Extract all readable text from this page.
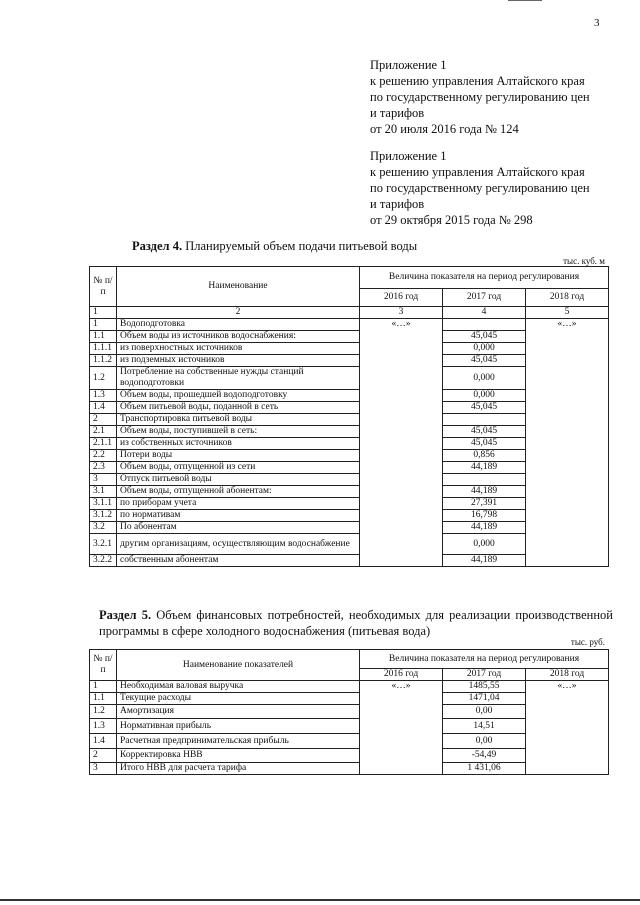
3
Приложение 1
к решению управления Алтайского края
по государственному регулированию цен
и тарифов
от 20 июля 2016 года № 124
Приложение 1
к решению управления Алтайского края
по государственному регулированию цен
и тарифов
от 29 октября 2015 года № 298
Раздел 4. Планируемый объем подачи питьевой воды
тыс. куб. м
№ п/п	Наименование	Величина показателя на период регулирования		
		2016 год	2017 год	2018 год
1	2	3	4	5
1	Водоподготовка	«…»		«…»
1.1	Объем воды из источников водоснабжения:		45,045	
1.1.1	из поверхностных источников		0,000	
1.1.2	из подземных источников		45,045	
1.2	Потребление на собственные нужды станций водоподготовки		0,000	
1.3	Объем воды, прошедшей водоподготовку		0,000	
1.4	Объем питьевой воды, поданной в сеть		45,045	
2	Транспортировка питьевой воды			
2.1	Объем воды, поступившей в сеть:		45,045	
2.1.1	из собственных источников		45,045	
2.2	Потери воды		0,856	
2.3	Объем воды, отпущенной из сети		44,189	
3	Отпуск питьевой воды			
3.1	Объем воды, отпущенной абонентам:		44,189	
3.1.1	по приборам учета		27,391	
3.1.2	по нормативам		16,798	
3.2	По абонентам		44,189	
3.2.1	другим организациям, осуществляющим водоснабжение		0,000	
3.2.2	собственным абонентам		44,189	
Раздел 5. Объем финансовых потребностей, необходимых для реализации производственной программы в сфере холодного водоснабжения (питьевая вода)
тыс. руб.
№ п/п	Наименование показателей	Величина показателя на период регулирования		
		2016 год	2017 год	2018 год
1	Необходимая валовая выручка	«…»	1485,55	«…»
1.1	Текущие расходы		1471,04	
1.2	Амортизация		0,00	
1.3	Нормативная прибыль		14,51	
1.4	Расчетная предпринимательская прибыль		0,00	
2	Корректировка НВВ		-54,49	
3	Итого НВВ для расчета тарифа		1 431,06	
